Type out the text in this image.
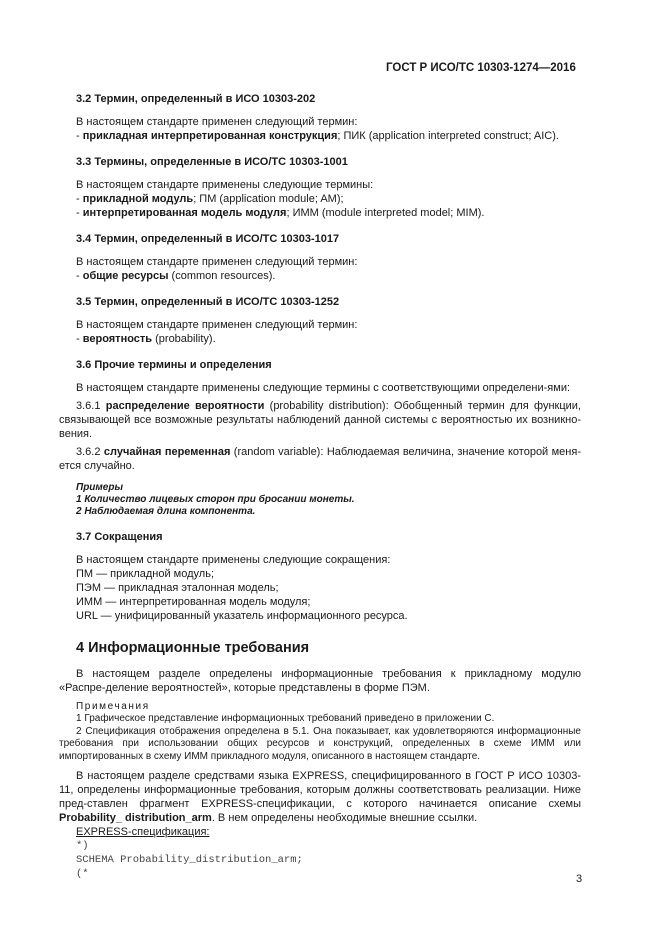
ГОСТ Р ИСО/ТС 10303-1274—2016

3.2 Термин, определенный в ИСО 10303-202

В настоящем стандарте применен следующий термин:

- прикладная интерпретированная конструкция; ПИК (application interpreted construct; AIC).

3.3 Термины, определенные в ИСО/ТС 10303-1001

В настоящем стандарте применены следующие термины:

- прикладной модуль; ПМ (application module; AM);

- интерпретированная модель модуля; ИММ (module interpreted model; MIM).

3.4 Термин, определенный в ИСО/ТС 10303-1017

В настоящем стандарте применен следующий термин:

- общие ресурсы (common resources).

3.5 Термин, определенный в ИСО/ТС 10303-1252

В настоящем стандарте применен следующий термин:

- вероятность (probability).

3.6 Прочие термины и определения

В настоящем стандарте применены следующие термины с соответствующими определени-ями:

3.6.1 распределение вероятности (probability distribution): Обобщенный термин для функции, связывающей все возможные результаты наблюдений данной системы с вероятностью их возникно-вения.

3.6.2 случайная переменная (random variable): Наблюдаемая величина, значение которой меня-ется случайно.

Примеры

1 Количество лицевых сторон при бросании монеты.

2 Наблюдаемая длина компонента.

3.7 Сокращения

В настоящем стандарте применены следующие сокращения:

ПМ — прикладной модуль;

ПЭМ — прикладная эталонная модель;

ИММ — интерпретированная модель модуля;

URL — унифицированный указатель информационного ресурса.

4 Информационные требования

В настоящем разделе определены информационные требования к прикладному модулю «Распре-деление вероятностей», которые представлены в форме ПЭМ.

Примечания

1 Графическое представление информационных требований приведено в приложении С.

2 Спецификация отображения определена в 5.1. Она показывает, как удовлетворяются информационные требования при использовании общих ресурсов и конструкций, определенных в схеме ИММ или импортированных в схему ИММ прикладного модуля, описанного в настоящем стандарте.

В настоящем разделе средствами языка EXPRESS, специфицированного в ГОСТ Р ИСО 10303-11, определены информационные требования, которым должны соответствовать реализации. Ниже пред-ставлен фрагмент EXPRESS-спецификации, с которого начинается описание схемы Probability_ distribution_arm. В нем определены необходимые внешние ссылки.

EXPRESS-спецификация:

*)

SCHEMA Probability_distribution_arm;

(*	3
